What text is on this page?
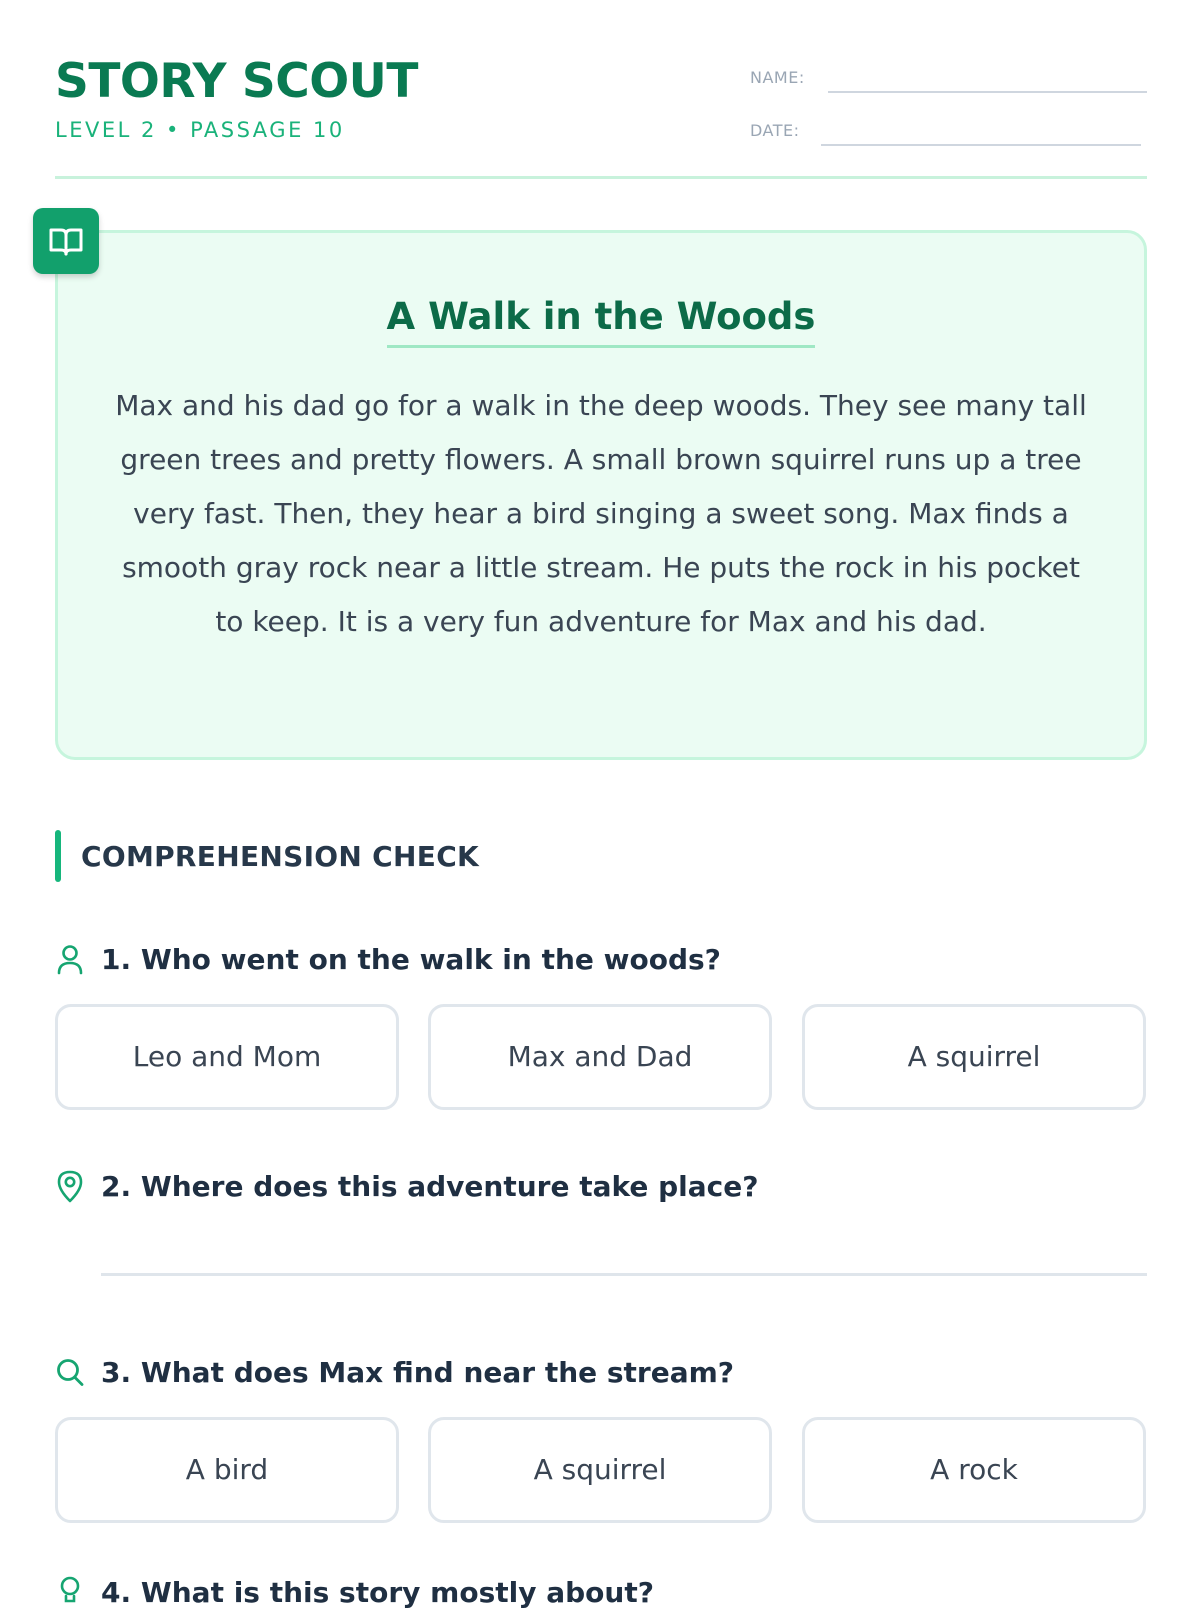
STORY SCOUT
LEVEL 2 • PASSAGE 10
NAME:
DATE:
A Walk in the Woods

Max and his dad go for a walk in the deep woods. They see many tall green trees and pretty flowers. A small brown squirrel runs up a tree very fast. Then, they hear a bird singing a sweet song. Max finds a smooth gray rock near a little stream. He puts the rock in his pocket to keep. It is a very fun adventure for Max and his dad.

COMPREHENSION CHECK
1. Who went on the walk in the woods?
Leo and Mom	Max and Dad	A squirrel
2. Where does this adventure take place?
3. What does Max find near the stream?
A bird	A squirrel	A rock
4. What is this story mostly about?
